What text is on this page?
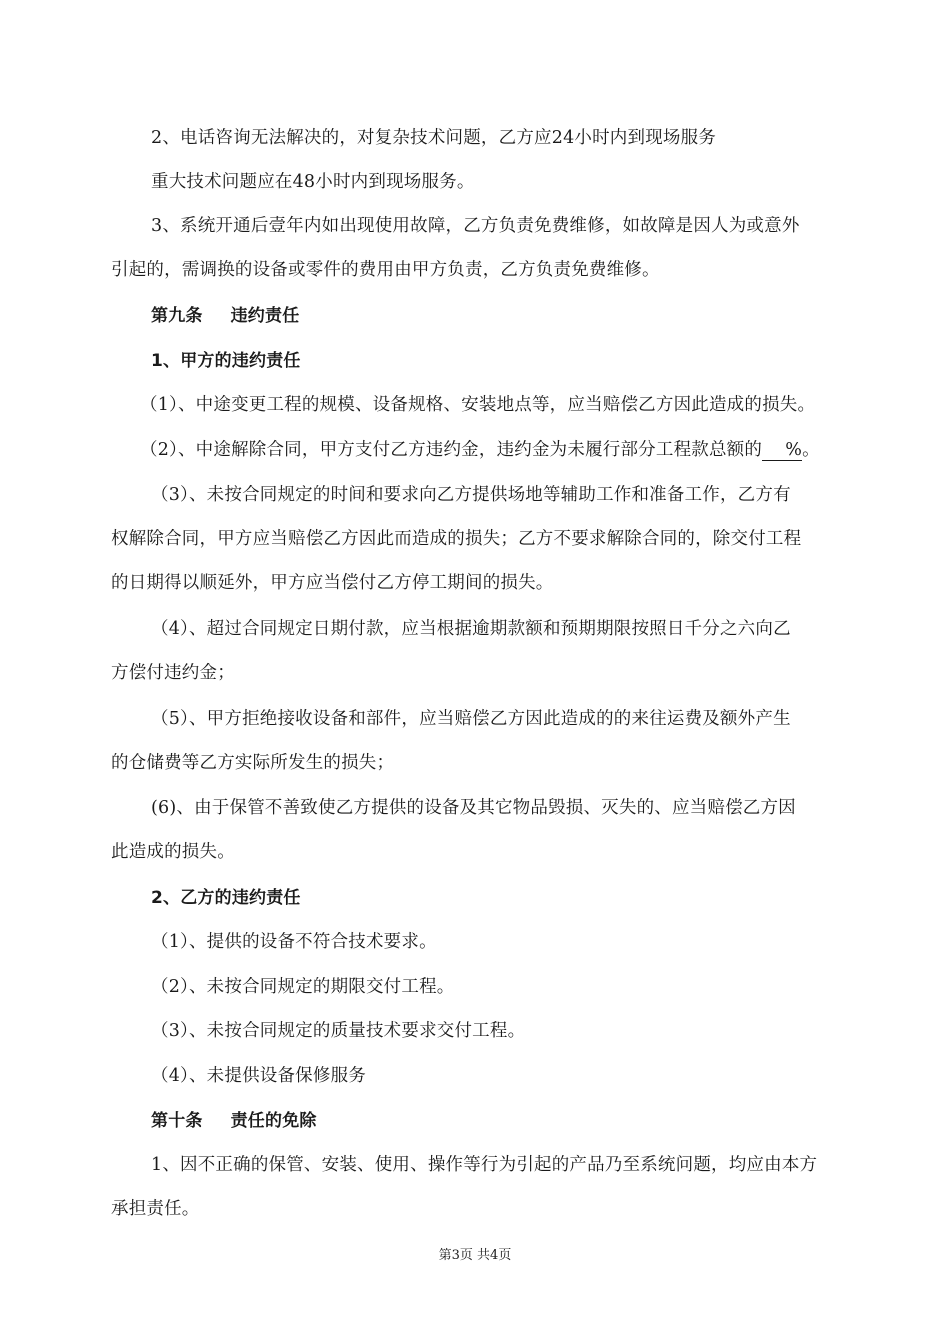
2、电话咨询无法解决的，对复杂技术问题，乙方应24小时内到现场服务
重大技术问题应在48小时内到现场服务。
3、系统开通后壹年内如出现使用故障，乙方负责免费维修，如故障是因人为或意外
引起的，需调换的设备或零件的费用由甲方负责，乙方负责免费维修。
第九条 违约责任
1、甲方的违约责任
（1）、中途变更工程的规模、设备规格、安装地点等，应当赔偿乙方因此造成的损失。
（2）、中途解除合同，甲方支付乙方违约金，违约金为未履行部分工程款总额的 %。
（3）、未按合同规定的时间和要求向乙方提供场地等辅助工作和准备工作，乙方有
权解除合同，甲方应当赔偿乙方因此而造成的损失；乙方不要求解除合同的，除交付工程
的日期得以顺延外，甲方应当偿付乙方停工期间的损失。
（4）、超过合同规定日期付款，应当根据逾期款额和预期期限按照日千分之六向乙
方偿付违约金；
（5）、甲方拒绝接收设备和部件，应当赔偿乙方因此造成的的来往运费及额外产生
的仓储费等乙方实际所发生的损失；
(6)、由于保管不善致使乙方提供的设备及其它物品毁损、灭失的、应当赔偿乙方因
此造成的损失。
2、乙方的违约责任
（1）、提供的设备不符合技术要求。
（2）、未按合同规定的期限交付工程。
（3）、未按合同规定的质量技术要求交付工程。
（4）、未提供设备保修服务
第十条 责任的免除
1、因不正确的保管、安装、使用、操作等行为引起的产品乃至系统问题，均应由本方
承担责任。
第3页 共4页
